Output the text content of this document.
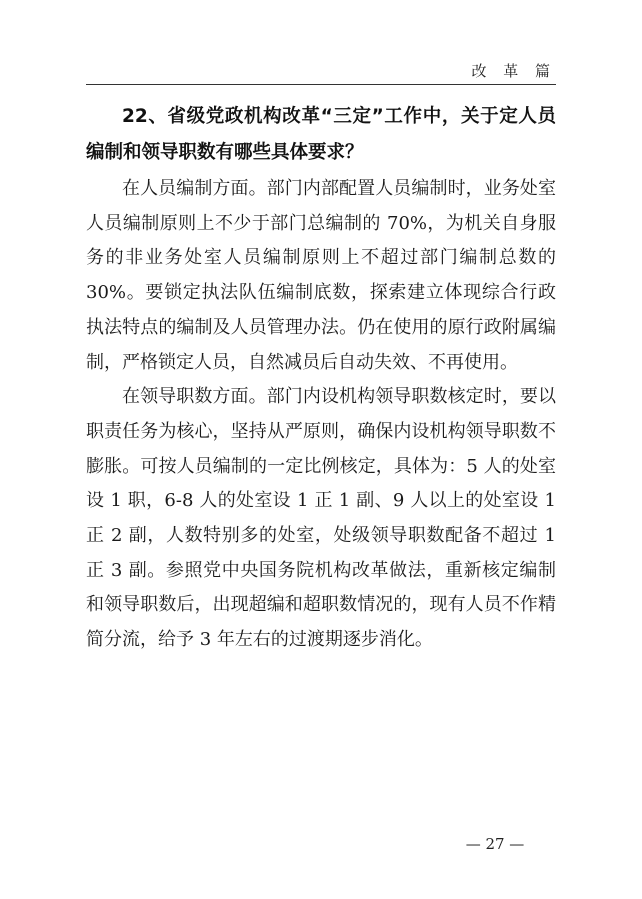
改 革 篇
22、省级党政机构改革“三定”工作中，关于定人员编制和领导职数有哪些具体要求？

在人员编制方面。部门内部配置人员编制时，业务处室人员编制原则上不少于部门总编制的 70%，为机关自身服务的非业务处室人员编制原则上不超过部门编制总数的30%。要锁定执法队伍编制底数，探索建立体现综合行政执法特点的编制及人员管理办法。仍在使用的原行政附属编制，严格锁定人员，自然减员后自动失效、不再使用。

在领导职数方面。部门内设机构领导职数核定时，要以职责任务为核心，坚持从严原则，确保内设机构领导职数不膨胀。可按人员编制的一定比例核定，具体为：5 人的处室设 1 职，6-8 人的处室设 1 正 1 副、9 人以上的处室设 1 正 2 副，人数特别多的处室，处级领导职数配备不超过 1 正 3 副。参照党中央国务院机构改革做法，重新核定编制和领导职数后，出现超编和超职数情况的，现有人员不作精简分流，给予 3 年左右的过渡期逐步消化。

— 27 —
